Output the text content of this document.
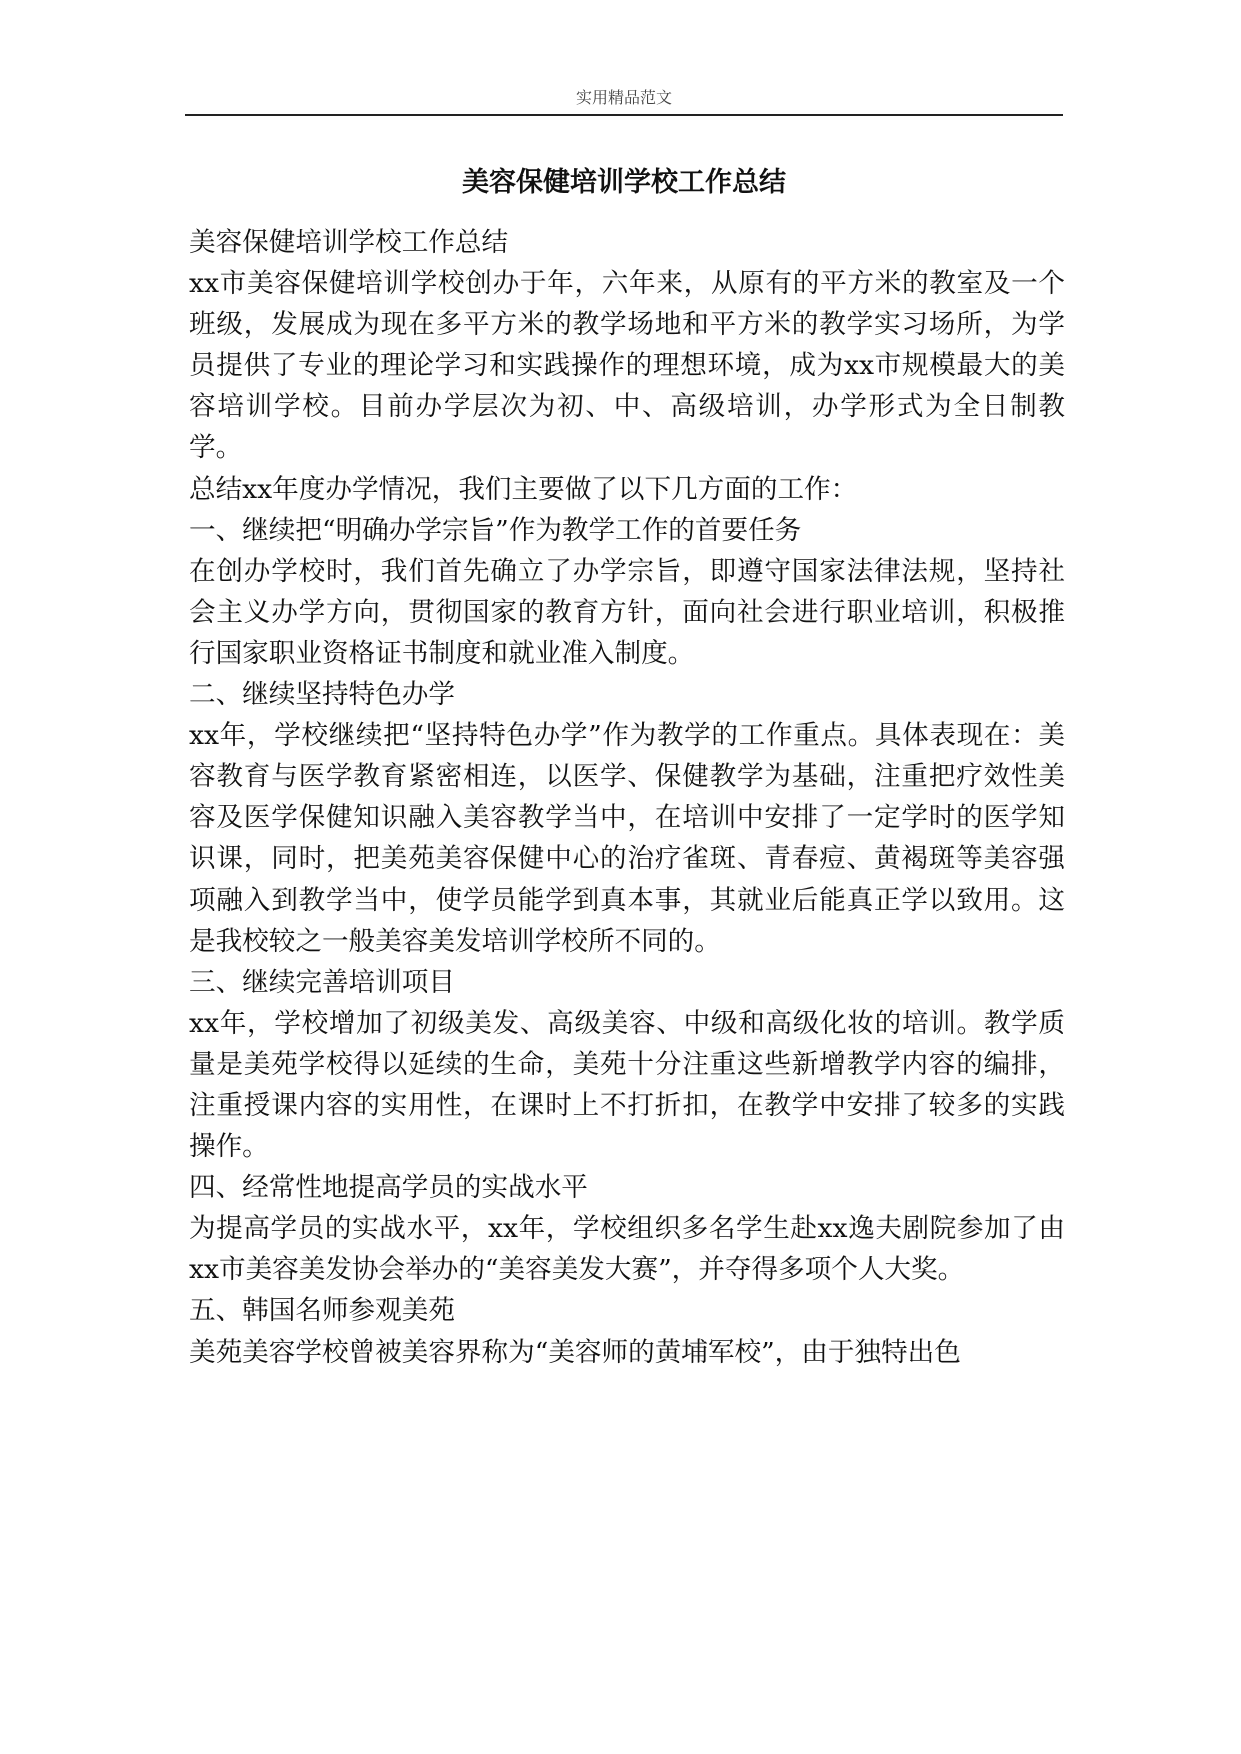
实用精品范文
美容保健培训学校工作总结

美容保健培训学校工作总结

xx市美容保健培训学校创办于年，六年来，从原有的平方米的教室及一个班级，发展成为现在多平方米的教学场地和平方米的教学实习场所，为学员提供了专业的理论学习和实践操作的理想环境，成为xx市规模最大的美容培训学校。目前办学层次为初、中、高级培训，办学形式为全日制教学。

总结xx年度办学情况，我们主要做了以下几方面的工作：

一、继续把“明确办学宗旨”作为教学工作的首要任务

在创办学校时，我们首先确立了办学宗旨，即遵守国家法律法规，坚持社会主义办学方向，贯彻国家的教育方针，面向社会进行职业培训，积极推行国家职业资格证书制度和就业准入制度。

二、继续坚持特色办学

xx年，学校继续把“坚持特色办学”作为教学的工作重点。具体表现在：美容教育与医学教育紧密相连，以医学、保健教学为基础，注重把疗效性美容及医学保健知识融入美容教学当中，在培训中安排了一定学时的医学知识课，同时，把美苑美容保健中心的治疗雀斑、青春痘、黄褐斑等美容强项融入到教学当中，使学员能学到真本事，其就业后能真正学以致用。这是我校较之一般美容美发培训学校所不同的。

三、继续完善培训项目

xx年，学校增加了初级美发、高级美容、中级和高级化妆的培训。教学质量是美苑学校得以延续的生命，美苑十分注重这些新增教学内容的编排，注重授课内容的实用性，在课时上不打折扣，在教学中安排了较多的实践操作。

四、经常性地提高学员的实战水平

为提高学员的实战水平，xx年，学校组织多名学生赴xx逸夫剧院参加了由xx市美容美发协会举办的“美容美发大赛”，并夺得多项个人大奖。

五、韩国名师参观美苑

美苑美容学校曾被美容界称为“美容师的黄埔军校”，由于独特出色
